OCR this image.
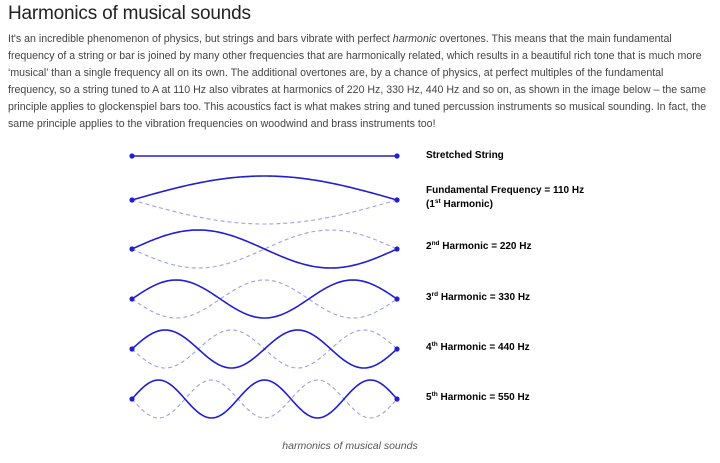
Harmonics of musical sounds

It's an incredible phenomenon of physics, but strings and bars vibrate with perfect harmonic overtones. This means that the main fundamental frequency of a string or bar is joined by many other frequencies that are harmonically related, which results in a beautiful rich tone that is much more ‘musical’ than a single frequency all on its own. The additional overtones are, by a chance of physics, at perfect multiples of the fundamental frequency, so a string tuned to A at 110 Hz also vibrates at harmonics of 220 Hz, 330 Hz, 440 Hz and so on, as shown in the image below – the same principle applies to glockenspiel bars too. This acoustics fact is what makes string and tuned percussion instruments so musical sounding. In fact, the same principle applies to the vibration frequencies on woodwind and brass instruments too!

Stretched String
Fundamental Frequency = 110 Hz
(1st Harmonic)
2nd Harmonic = 220 Hz
3rd Harmonic = 330 Hz
4th Harmonic = 440 Hz
5th Harmonic = 550 Hz
harmonics of musical sounds
